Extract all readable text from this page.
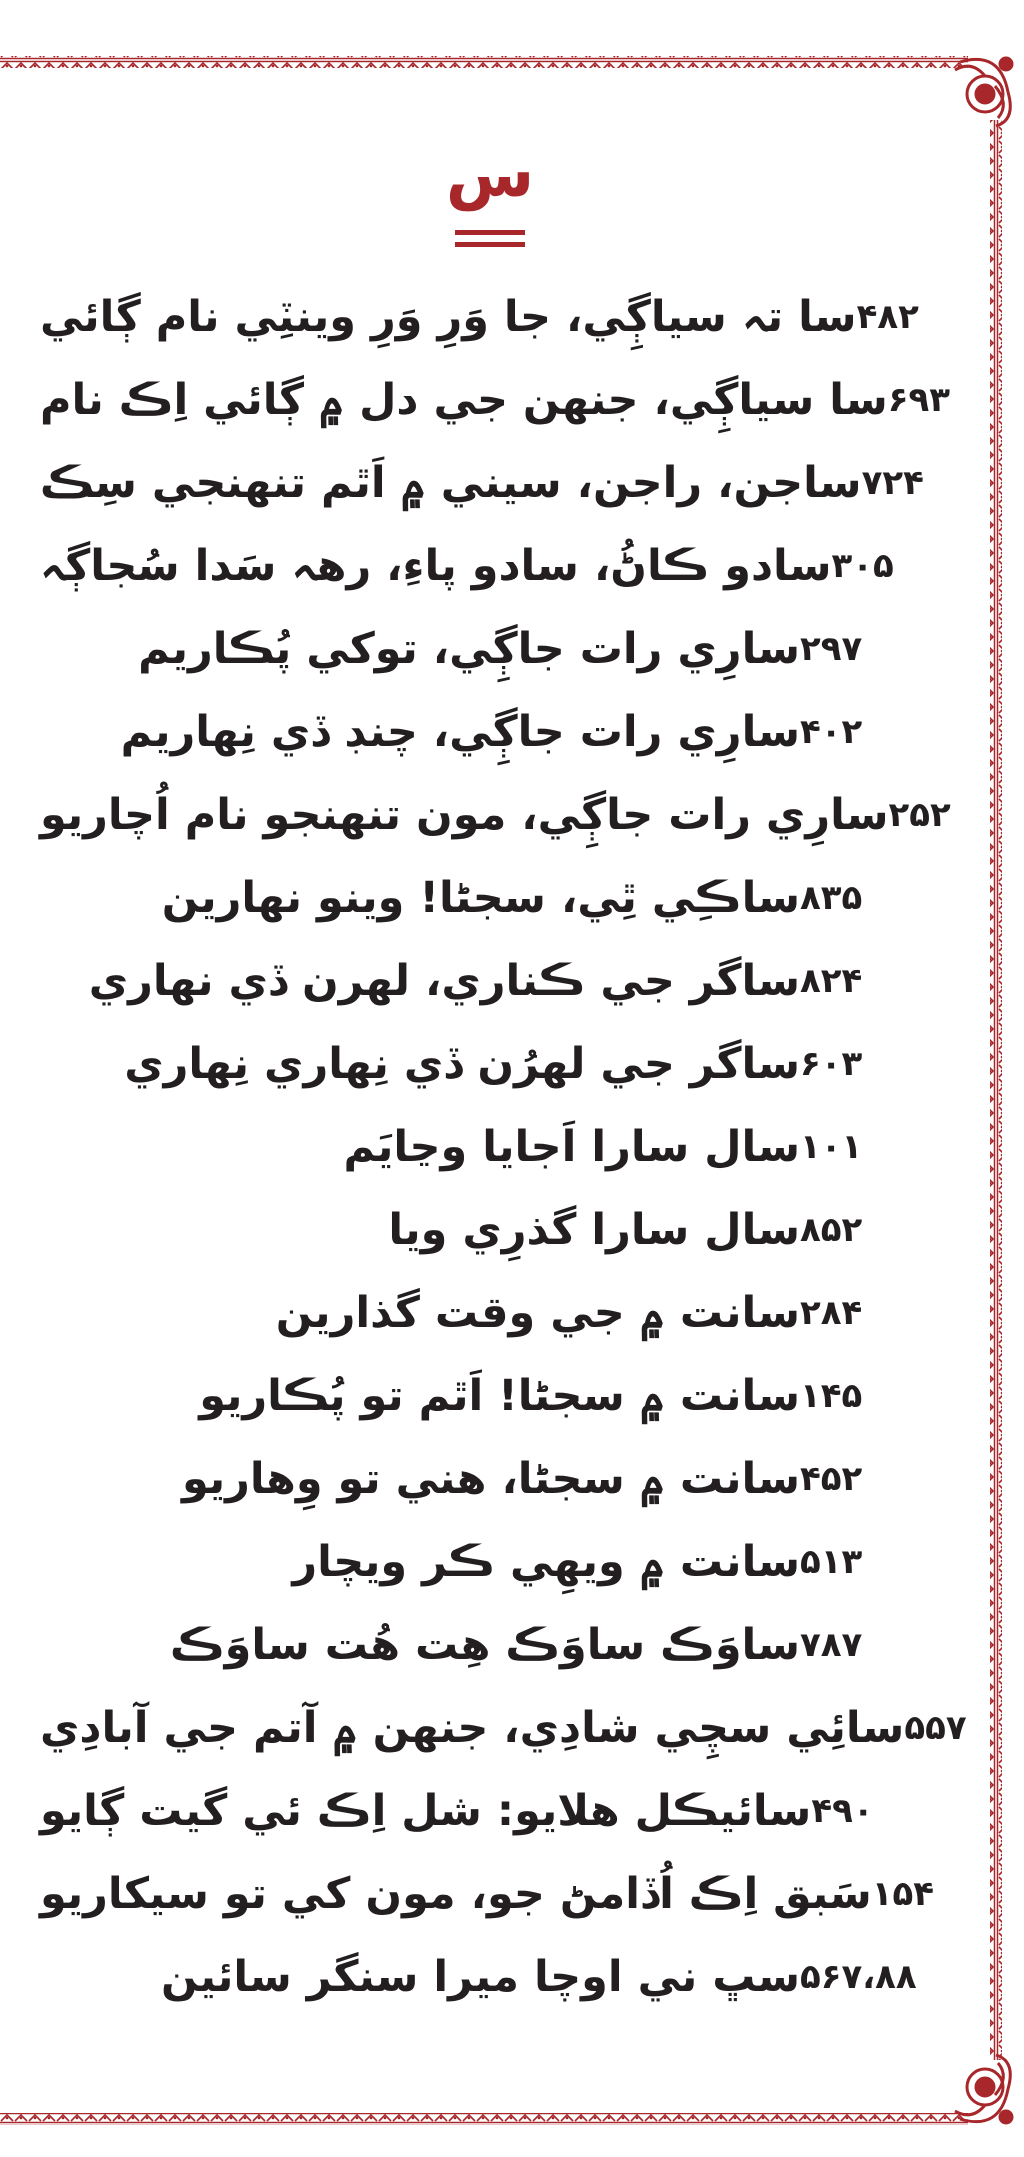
س
سا تہ سياڳِي، جا وَرِ وَرِ وينٽِي نام ڳائي ۴۸۲
سا سياڳِي، جنهن جي دل ۾ ڳائي اِڪ نام ۶۹۳
ساجن، راجن، سيني ۾ اَٿم تنهنجي سِڪ ۷۲۴
سادو ڪاڻُ، سادو پاءِ، رهہ سَدا سُجاڳہ ۳۰۵
سارِي رات جاڳِي، توکي پُڪاريم ۲۹۷
سارِي رات جاڳِي، چنڊ ڏي نِهاريم ۴۰۲
سارِي رات جاڳِي، مون تنهنجو نام اُچاريو ۲۵۲
ساڪِي ٿِي، سجڻا! وينو نهارين ۸۳۵
ساگر جي ڪناري، لهرن ڏي نهاري ۸۲۴
ساگر جي لهرُن ڏي نِهاري نِهاري ۶۰۳
سال سارا اَجايا وڃايَم ۱۰۱
سال سارا گذرِي ويا ۸۵۲
سانت ۾ جي وقت گذارين ۲۸۴
سانت ۾ سجڻا! اَٿم تو پُڪاريو ۱۴۵
سانت ۾ سجڻا، هني تو وِهاريو ۴۵۲
سانت ۾ ويهِي ڪر ويچار ۵۱۳
ساوَڪ ساوَڪ هِت هُت ساوَڪ ۷۸۷
سائِي سچِي شادِي، جنهن ۾ آتم جي آبادِي ۵۵۷
سائيڪل هلايو: شل اِڪ ئي گيت ڳايو ۴۹۰
سَبق اِڪ اُڏامڻ جو، مون کي تو سيکاريو ۱۵۴
سڀ ني اوچا ميرا سنگر سائين ۵۶۷،۸۸
